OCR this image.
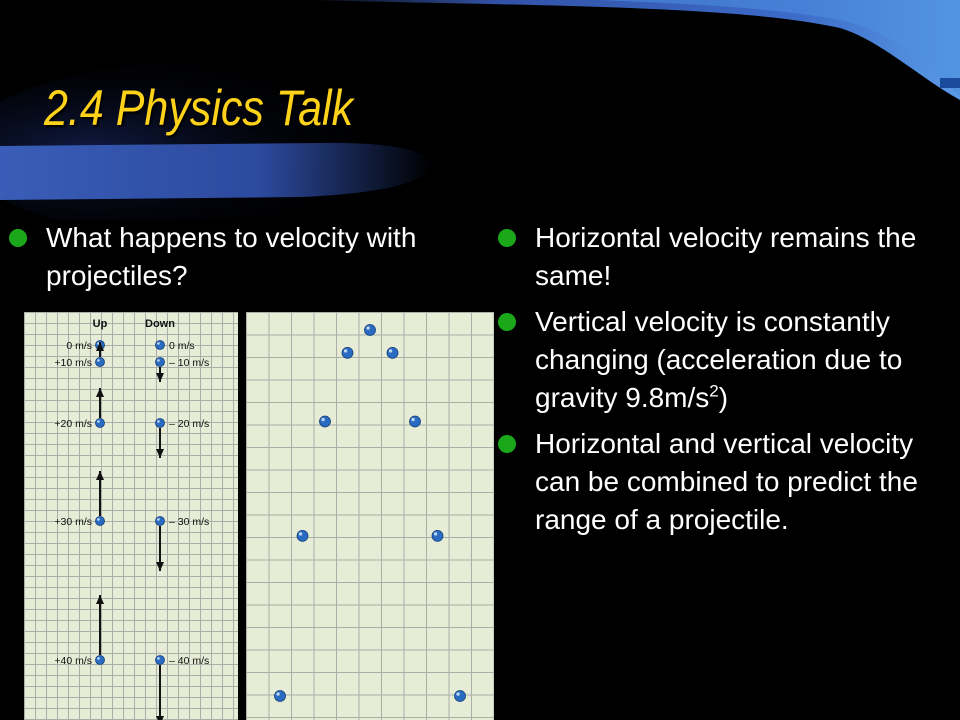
2.4 Physics Talk
What happens to velocity with projectiles?
Horizontal velocity remains the same!
Vertical velocity is constantly changing (acceleration due to gravity $9.8m/s^2$)
Horizontal and vertical velocity can be combined to predict the range of a projectile.
Up	Down
0 m/s	0 m/s
+10 m/s	– 10 m/s
+20 m/s	– 20 m/s
+30 m/s	– 30 m/s
+40 m/s	– 40 m/s
